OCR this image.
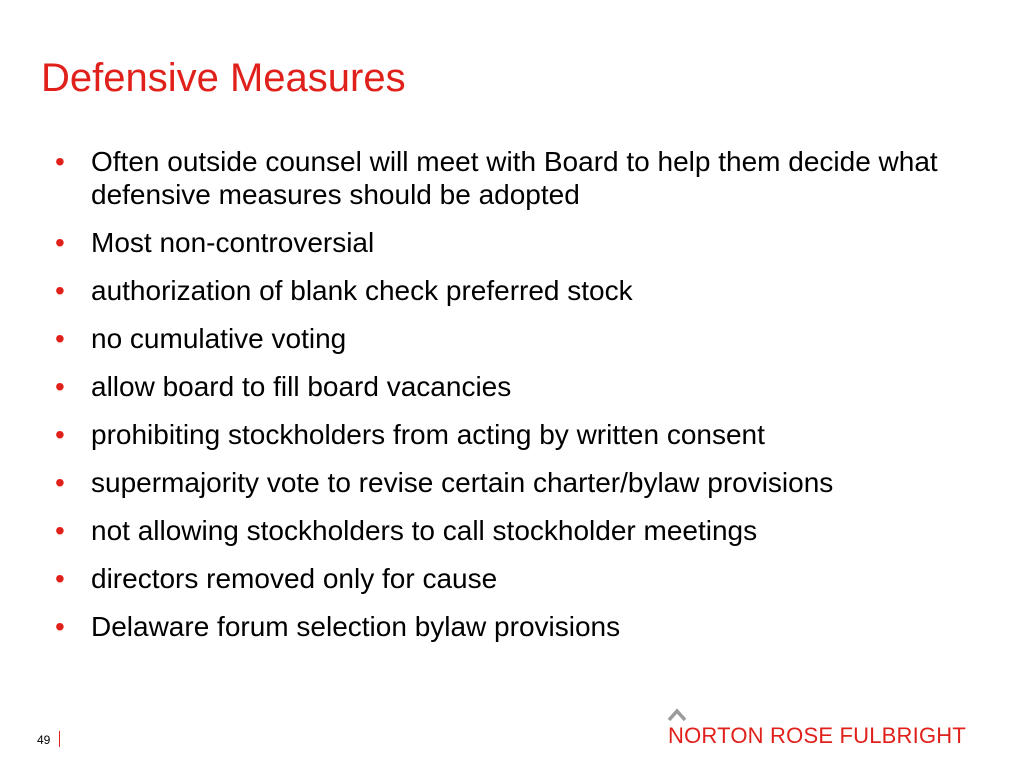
Defensive Measures
• Often outside counsel will meet with Board to help them decide what defensive measures should be adopted
• Most non-controversial
• authorization of blank check preferred stock
• no cumulative voting
• allow board to fill board vacancies
• prohibiting stockholders from acting by written consent
• supermajority vote to revise certain charter/bylaw provisions
• not allowing stockholders to call stockholder meetings
• directors removed only for cause
• Delaware forum selection bylaw provisions
49	NORTON ROSE FULBRIGHT
